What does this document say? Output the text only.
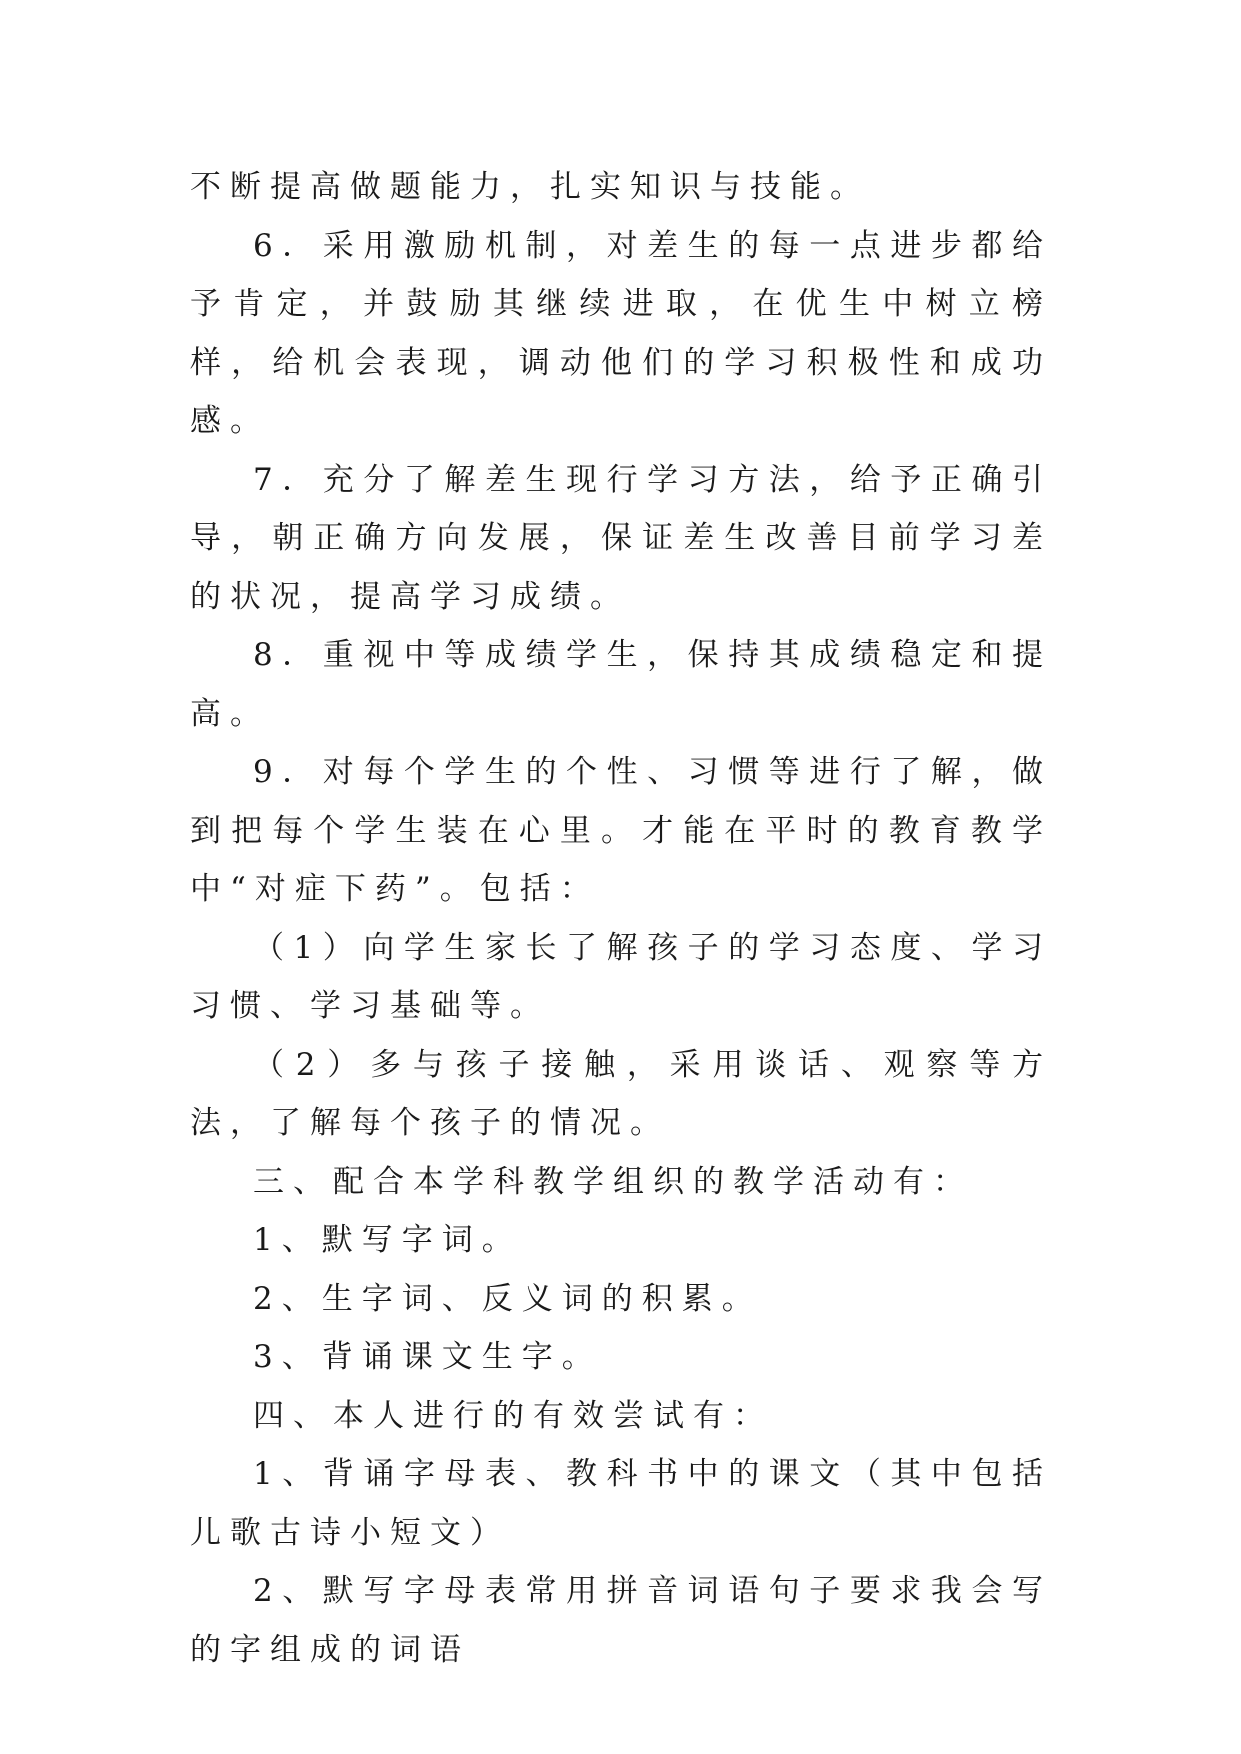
不断提高做题能力，扎实知识与技能。

6．采用激励机制，对差生的每一点进步都给予肯定，并鼓励其继续进取，在优生中树立榜样，给机会表现，调动他们的学习积极性和成功感。

7．充分了解差生现行学习方法，给予正确引导，朝正确方向发展，保证差生改善目前学习差的状况，提高学习成绩。

8．重视中等成绩学生，保持其成绩稳定和提高。

9．对每个学生的个性、习惯等进行了解，做到把每个学生装在心里。才能在平时的教育教学中“对症下药”。包括：

（1）向学生家长了解孩子的学习态度、学习习惯、学习基础等。

（2）多与孩子接触，采用谈话、观察等方法，了解每个孩子的情况。

三、配合本学科教学组织的教学活动有：

1、默写字词。

2、生字词、反义词的积累。

3、背诵课文生字。

四、本人进行的有效尝试有：

1、背诵字母表、教科书中的课文（其中包括儿歌古诗小短文）

2、默写字母表常用拼音词语句子要求我会写的字组成的词语
